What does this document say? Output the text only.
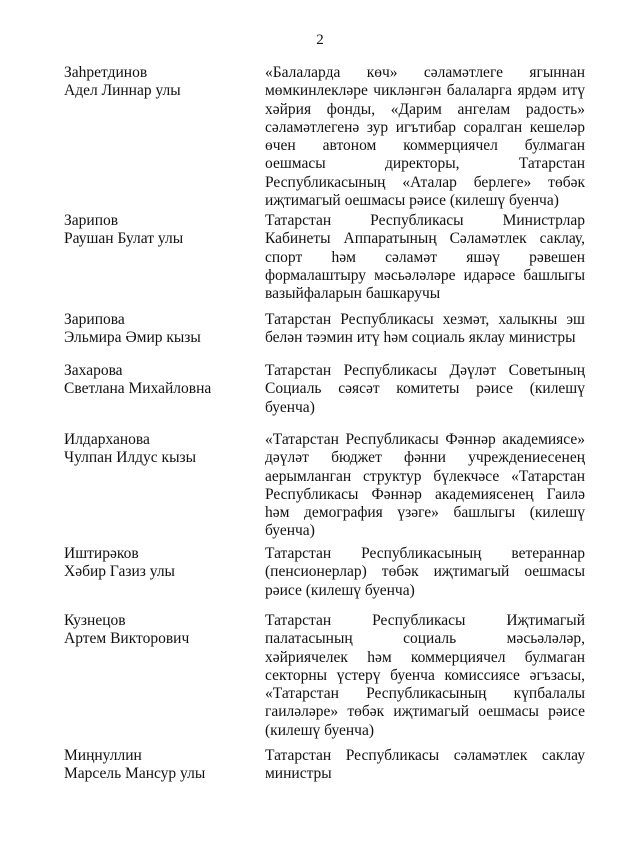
2
Заһретдинов
Адел Линнар улы
«Балаларда көч» сәламәтлеге ягыннан
мөмкинлекләре чикләнгән балаларга ярдәм итү
хәйрия фонды, «Дарим ангелам радость»
сәламәтлегенә зур игътибар соралган кешеләр
өчен автоном коммерциячел булмаган
оешмасы директоры, Татарстан
Республикасының «Аталар берлеге» төбәк
иҗтимагый оешмасы рәисе (килешү буенча)
Зарипов
Раушан Булат улы
Татарстан Республикасы Министрлар
Кабинеты Аппаратының Сәламәтлек саклау,
спорт һәм сәламәт яшәү рәвешен
формалаштыру мәсьәләләре идарәсе башлыгы
вазыйфаларын башкаручы
Зарипова
Эльмира Әмир кызы
Татарстан Республикасы хезмәт, халыкны эш
белән тәэмин итү һәм социаль яклау министры
Захарова
Светлана Михайловна
Татарстан Республикасы Дәүләт Советының
Социаль сәясәт комитеты рәисе (килешү
буенча)
Илдарханова
Чулпан Илдус кызы
«Татарстан Республикасы Фәннәр академиясе»
дәүләт бюджет фәнни учреждениесенең
аерымланган структур бүлекчәсе «Татарстан
Республикасы Фәннәр академиясенең Гаилә
һәм демография үзәге» башлыгы (килешү
буенча)
Иштирәков
Хәбир Газиз улы
Татарстан Республикасының ветераннар
(пенсионерлар) төбәк иҗтимагый оешмасы
рәисе (килешү буенча)
Кузнецов
Артем Викторович
Татарстан Республикасы Иҗтимагый
палатасының социаль мәсьәләләр,
хәйриячелек һәм коммерциячел булмаган
секторны үстерү буенча комиссиясе әгъзасы,
«Татарстан Республикасының күпбалалы
гаиләләре» төбәк иҗтимагый оешмасы рәисе
(килешү буенча)
Миңнуллин
Марсель Мансур улы
Татарстан Республикасы сәламәтлек саклау
министры
